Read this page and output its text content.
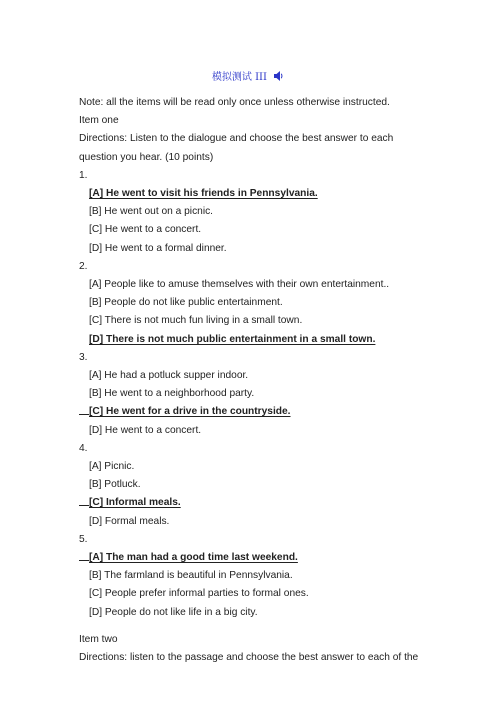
模拟测试 III
Note: all the items will be read only once unless otherwise instructed.
Item one
Directions: Listen to the dialogue and choose the best answer to each question you hear. (10 points)
1.
[A] He went to visit his friends in Pennsylvania.
[B] He went out on a picnic.
[C] He went to a concert.
[D] He went to a formal dinner.
2.
[A] People like to amuse themselves with their own entertainment..
[B] People do not like public entertainment.
[C] There is not much fun living in a small town.
[D] There is not much public entertainment in a small town.
3.
[A] He had a potluck supper indoor.
[B] He went to a neighborhood party.
[C] He went for a drive in the countryside.
[D] He went to a concert.
4.
[A] Picnic.
[B] Potluck.
[C] Informal meals.
[D] Formal meals.
5.
[A] The man had a good time last weekend.
[B] The farmland is beautiful in Pennsylvania.
[C] People prefer informal parties to formal ones.
[D] People do not like life in a big city.
Item two
Directions: listen to the passage and choose the best answer to each of the
